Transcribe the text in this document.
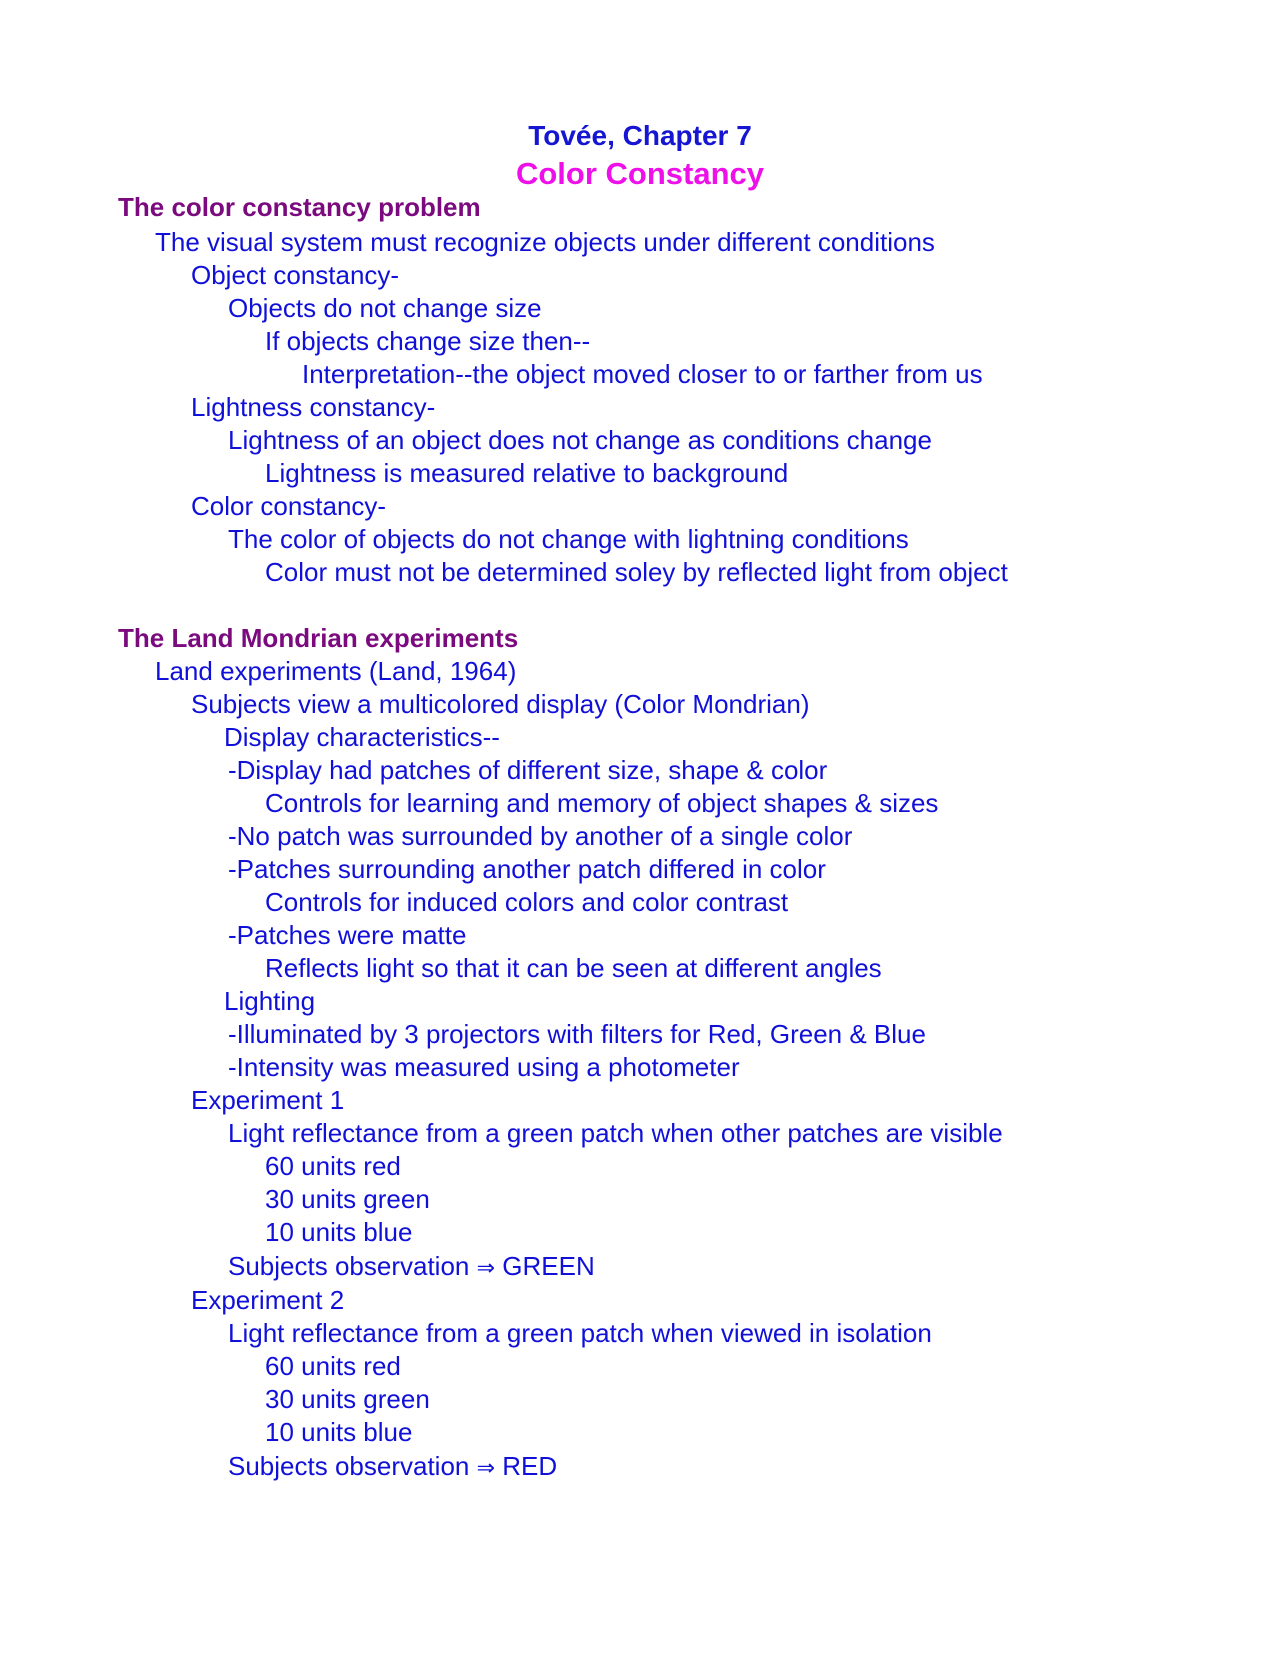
Tovée, Chapter 7
Color Constancy
The color constancy problem
The visual system must recognize objects under different conditions
Object constancy-
Objects do not change size
If objects change size then--
Interpretation--the object moved closer to or farther from us
Lightness constancy-
Lightness of an object does not change as conditions change
Lightness is measured relative to background
Color constancy-
The color of objects do not change with lightning conditions
Color must not be determined soley by reflected light from object
The Land Mondrian experiments
Land experiments (Land, 1964)
Subjects view a multicolored display (Color Mondrian)
Display characteristics--
-Display had patches of different size, shape & color
Controls for learning and memory of object shapes & sizes
-No patch was surrounded by another of a single color
-Patches surrounding another patch differed in color
Controls for induced colors and color contrast
-Patches were matte
Reflects light so that it can be seen at different angles
Lighting
-Illuminated by 3 projectors with filters for Red, Green & Blue
-Intensity was measured using a photometer
Experiment 1
Light reflectance from a green patch when other patches are visible
60 units red
30 units green
10 units blue
Subjects observation ⇒ GREEN
Experiment 2
Light reflectance from a green patch when viewed in isolation
60 units red
30 units green
10 units blue
Subjects observation ⇒ RED
